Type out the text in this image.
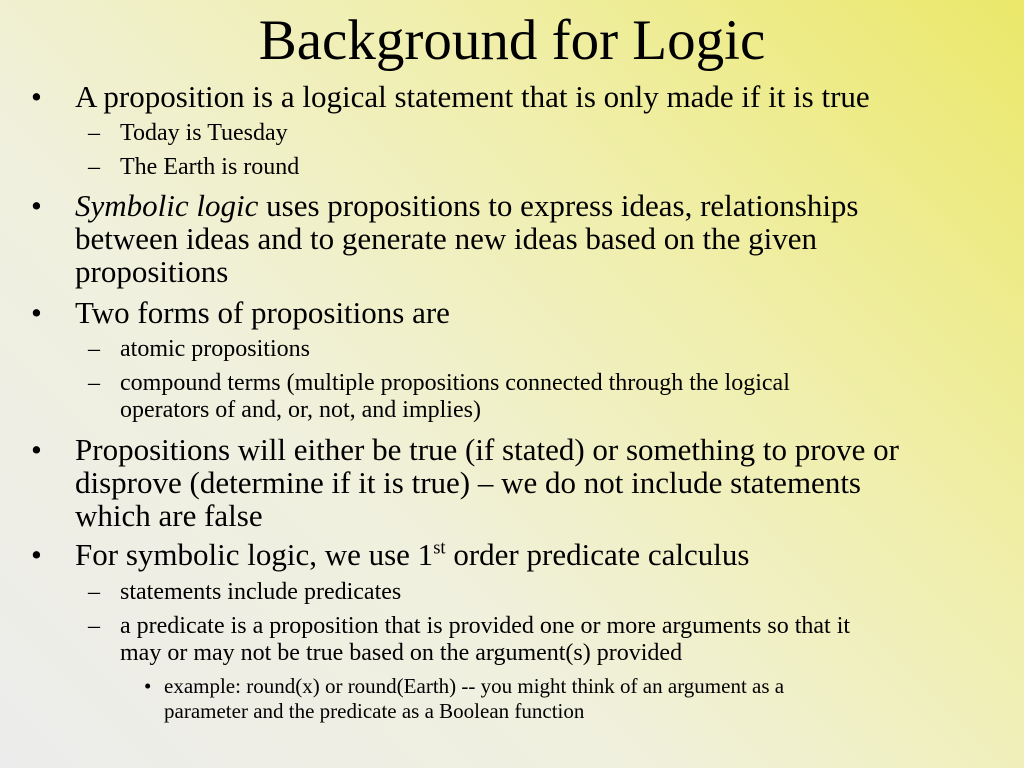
Background for Logic
• A proposition is a logical statement that is only made if it is true
– Today is Tuesday
– The Earth is round
• Symbolic logic uses propositions to express ideas, relationships
between ideas and to generate new ideas based on the given
propositions
• Two forms of propositions are
– atomic propositions
– compound terms (multiple propositions connected through the logical
operators of and, or, not, and implies)
• Propositions will either be true (if stated) or something to prove or
disprove (determine if it is true) – we do not include statements
which are false
• For symbolic logic, we use 1st order predicate calculus
– statements include predicates
– a predicate is a proposition that is provided one or more arguments so that it
may or may not be true based on the argument(s) provided
• example: round(x) or round(Earth) -- you might think of an argument as a
parameter and the predicate as a Boolean function
